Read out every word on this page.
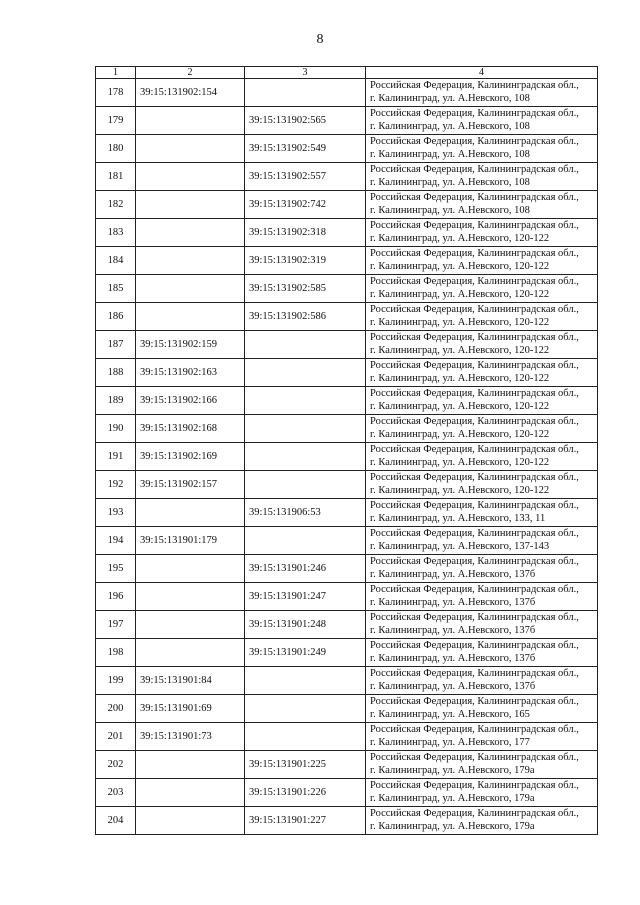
8
1	2	3	4
178	39:15:131902:154		Российская Федерация, Калининградская обл.,
г. Калининград, ул. А.Невского, 108

179		39:15:131902:565	Российская Федерация, Калининградская обл.,
г. Калининград, ул. А.Невского, 108

180		39:15:131902:549	Российская Федерация, Калининградская обл.,
г. Калининград, ул. А.Невского, 108

181		39:15:131902:557	Российская Федерация, Калининградская обл.,
г. Калининград, ул. А.Невского, 108

182		39:15:131902:742	Российская Федерация, Калининградская обл.,
г. Калининград, ул. А.Невского, 108

183		39:15:131902:318	Российская Федерация, Калининградская обл.,
г. Калининград, ул. А.Невского, 120-122

184		39:15:131902:319	Российская Федерация, Калининградская обл.,
г. Калининград, ул. А.Невского, 120-122

185		39:15:131902:585	Российская Федерация, Калининградская обл.,
г. Калининград, ул. А.Невского, 120-122

186		39:15:131902:586	Российская Федерация, Калининградская обл.,
г. Калининград, ул. А.Невского, 120-122

187	39:15:131902:159		Российская Федерация, Калининградская обл.,
г. Калининград, ул. А.Невского, 120-122

188	39:15:131902:163		Российская Федерация, Калининградская обл.,
г. Калининград, ул. А.Невского, 120-122

189	39:15:131902:166		Российская Федерация, Калининградская обл.,
г. Калининград, ул. А.Невского, 120-122

190	39:15:131902:168		Российская Федерация, Калининградская обл.,
г. Калининград, ул. А.Невского, 120-122

191	39:15:131902:169		Российская Федерация, Калининградская обл.,
г. Калининград, ул. А.Невского, 120-122

192	39:15:131902:157		Российская Федерация, Калининградская обл.,
г. Калининград, ул. А.Невского, 120-122

193		39:15:131906:53	Российская Федерация, Калининградская обл.,
г. Калининград, ул. А.Невского, 133, 11

194	39:15:131901:179		Российская Федерация, Калининградская обл.,
г. Калининград, ул. А.Невского, 137-143

195		39:15:131901:246	Российская Федерация, Калининградская обл.,
г. Калининград, ул. А.Невского, 137б

196		39:15:131901:247	Российская Федерация, Калининградская обл.,
г. Калининград, ул. А.Невского, 137б

197		39:15:131901:248	Российская Федерация, Калининградская обл.,
г. Калининград, ул. А.Невского, 137б

198		39:15:131901:249	Российская Федерация, Калининградская обл.,
г. Калининград, ул. А.Невского, 137б

199	39:15:131901:84		Российская Федерация, Калининградская обл.,
г. Калининград, ул. А.Невского, 137б

200	39:15:131901:69		Российская Федерация, Калининградская обл.,
г. Калининград, ул. А.Невского, 165

201	39:15:131901:73		Российская Федерация, Калининградская обл.,
г. Калининград, ул. А.Невского, 177

202		39:15:131901:225	Российская Федерация, Калининградская обл.,
г. Калининград, ул. А.Невского, 179а

203		39:15:131901:226	Российская Федерация, Калининградская обл.,
г. Калининград, ул. А.Невского, 179а

204		39:15:131901:227	Российская Федерация, Калининградская обл.,
г. Калининград, ул. А.Невского, 179а
